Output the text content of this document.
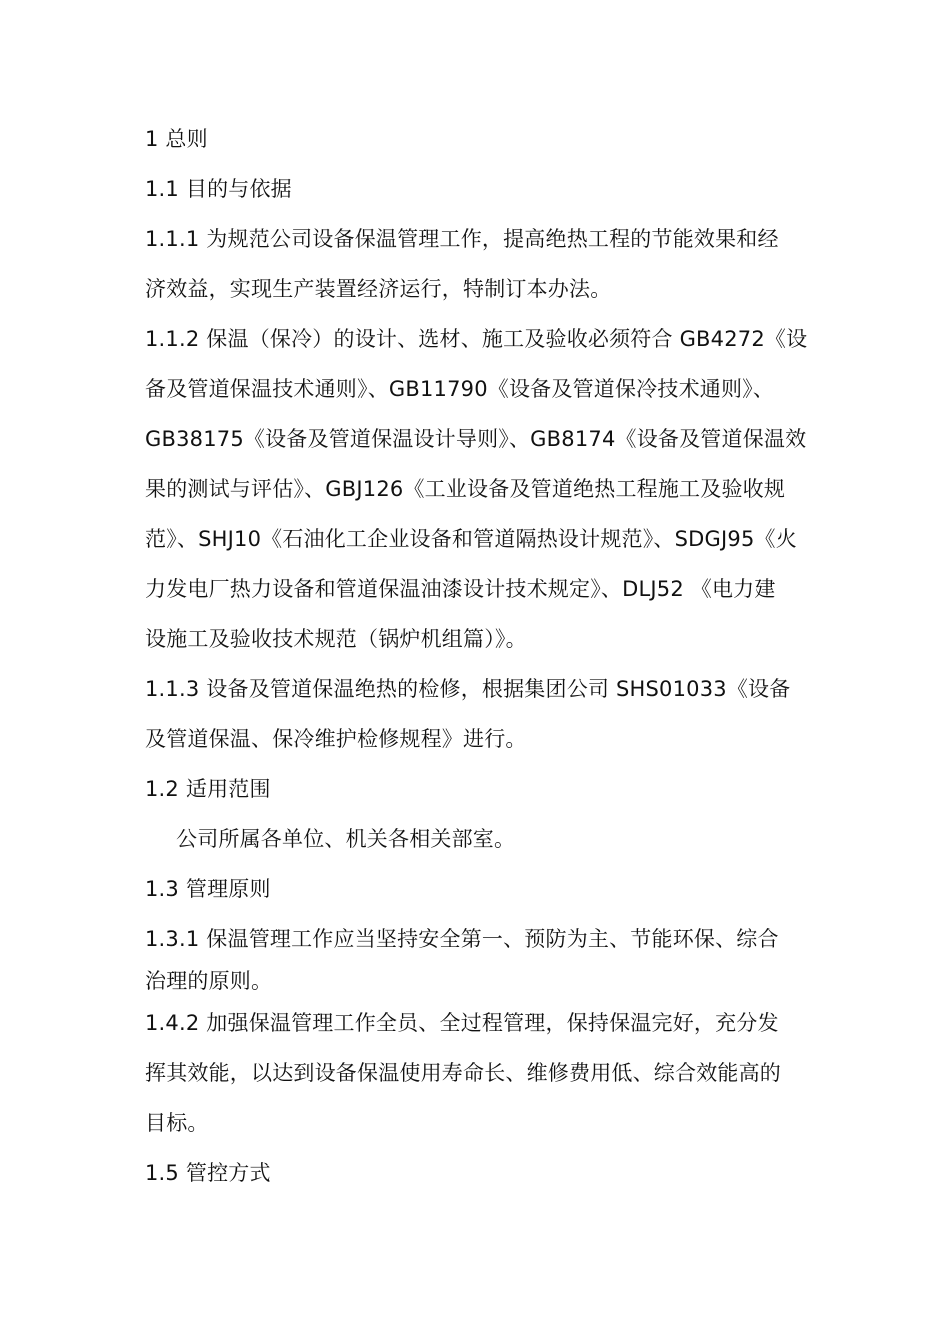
1 总则
1.1 目的与依据
1.1.1 为规范公司设备保温管理工作，提高绝热工程的节能效果和经
济效益，实现生产装置经济运行，特制订本办法。
1.1.2 保温（保冷）的设计、选材、施工及验收必须符合 GB4272《设
备及管道保温技术通则》、GB11790《设备及管道保冷技术通则》、
GB38175《设备及管道保温设计导则》、GB8174《设备及管道保温效
果的测试与评估》、GBJ126《工业设备及管道绝热工程施工及验收规
范》、SHJ10《石油化工企业设备和管道隔热设计规范》、SDGJ95《火
力发电厂热力设备和管道保温油漆设计技术规定》、DLJ52 《电力建
设施工及验收技术规范（锅炉机组篇）》。
1.1.3 设备及管道保温绝热的检修，根据集团公司 SHS01033《设备
及管道保温、保冷维护检修规程》进行。
1.2 适用范围
公司所属各单位、机关各相关部室。
1.3 管理原则
1.3.1 保温管理工作应当坚持安全第一、预防为主、节能环保、综合
治理的原则。
1.4.2 加强保温管理工作全员、全过程管理，保持保温完好，充分发
挥其效能，以达到设备保温使用寿命长、维修费用低、综合效能高的
目标。
1.5 管控方式
